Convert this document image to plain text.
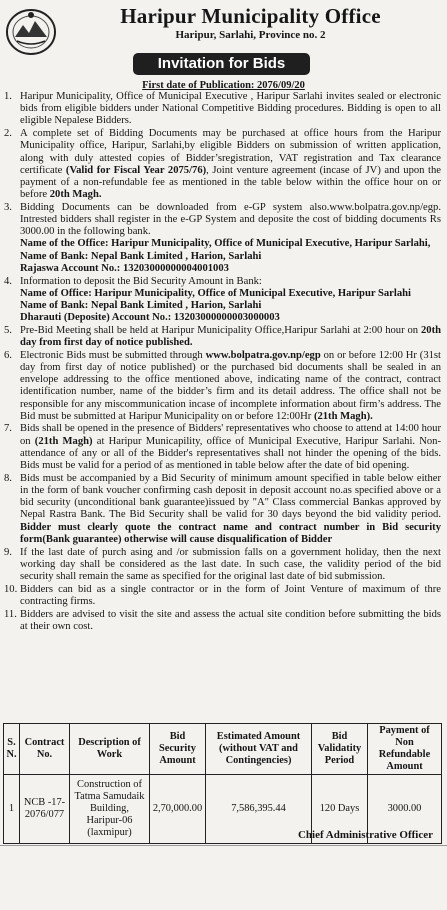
Haripur Municipality Office
Haripur, Sarlahi, Province no. 2
Invitation for Bids
First date of Publication: 2076/09/20
1. Haripur Municipality, Office of Municipal Executive , Haripur Sarlahi invites sealed or electronic bids from eligible bidders under National Competitive Bidding procedures. Bidding is open to all eligible Nepalese Bidders.
2. A complete set of Bidding Documents may be purchased at office hours from the Haripur Municipality office, Haripur, Sarlahi,by eligible Bidders on submission of written application, along with duly attested copies of Bidder’sregistration, VAT registration and Tax clearance certificate (Valid for Fiscal Year 2075/76), Joint venture agreement (incase of JV) and upon the payment of a non-refundable fee as mentioned in the table below within the office hour on or before 20th Magh.
3. Bidding Documents can be downloaded from e-GP system also.www.bolpatra.gov.np/egp. Intrested bidders shall register in the e-GP System and deposite the cost of bidding documents Rs 3000.00 in the following bank.
Name of the Office: Haripur Municipality, Office of Municipal Executive, Haripur Sarlahi,
Name of Bank: Nepal Bank Limited , Harion, Sarlahi
Rajaswa Account No.: 13203000000004001003
4. Information to deposit the Bid Security Amount in Bank:
Name of Office: Haripur Municipality, Office of Municipal Executive, Haripur Sarlahi
Name of Bank: Nepal Bank Limited , Harion, Sarlahi
Dharauti (Deposite) Account No.: 13203000000003000003
5. Pre-Bid Meeting shall be held at Haripur Municipality Office,Haripur Sarlahi at 2:00 hour on 20th day from first day of notice published.
6. Electronic Bids must be submitted through www.bolpatra.gov.np/egp on or before 12:00 Hr (31st day from first day of notice published) or the purchased bid documents shall be sealed in an envelope addressing to the office mentioned above, indicating name of the contract, contract identification number, name of the bidder’s firm and its detail address. The office shall not be responsible for any miscommunication incase of incomplete information about firm’s address. The Bid must be submitted at Haripur Municipality on or before 12:00Hr (21th Magh).
7. Bids shall be opened in the presence of Bidders' representatives who choose to attend at 14:00 hour on (21th Magh) at Haripur Municapility, office of Municipal Executive, Haripur Sarlahi. Non-attendance of any or all of the Bidder's representatives shall not hinder the opening of the bids. Bids must be valid for a period of as mentioned in table below after the date of bid opening.
8. Bids must be accompanied by a Bid Security of minimum amount specified in table below either in the form of bank voucher confirming cash deposit in deposit account no.as specified above or a bid security (unconditional bank guarantee)issued by "A" Class commercial Bankas approved by Nepal Rastra Bank. The Bid Security shall be valid for 30 days beyond the bid validity period. Bidder must clearly quote the contract name and contract number in Bid security form(Bank guarantee) otherwise will cause disqualification of Bidder
9. If the last date of purch asing and /or submission falls on a government holiday, then the next working day shall be considered as the last date. In such case, the validity period of the bid security shall remain the same as specified for the original last date of bid submission.
10. Bidders can bid as a single contractor or in the form of Joint Venture of maximum of thre contracting firms.
11. Bidders are advised to visit the site and assess the actual site condition before submitting the bids at their own cost.
S. N.	Contract No.	Description of Work	Bid Security Amount	Estimated Amount (without VAT and Contingencies)	Bid Validatity Period	Payment of Non Refundable Amount
1	NCB -17-2076/077	Construction of Tatma Samudaik Building, Haripur-06 (laxmipur)	2,70,000.00	7,586,395.44	120 Days	3000.00
Chief Administrative Officer
